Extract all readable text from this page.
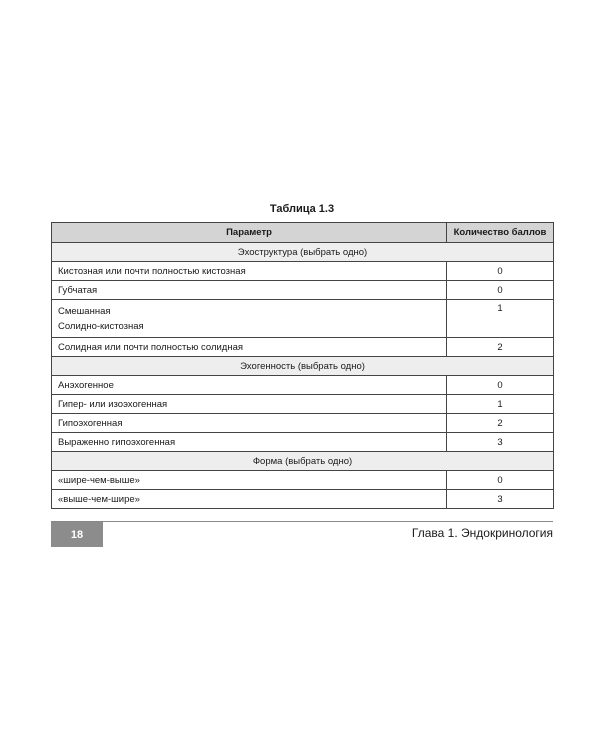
Таблица 1.3
Параметр	Количество баллов
Эхоструктура (выбрать одно)	
Кистозная или почти полностью кистозная	0
Губчатая	0

Смешанная
Солидно-кистозная	1
Солидная или почти полностью солидная	2
Эхогенность (выбрать одно)	
Анэхогенное	0
Гипер- или изоэхогенная	1
Гипоэхогенная	2
Выраженно гипоэхогенная	3
Форма (выбрать одно)	
«шире-чем-выше»	0
«выше-чем-шире»	3
18	Глава 1. Эндокринология
